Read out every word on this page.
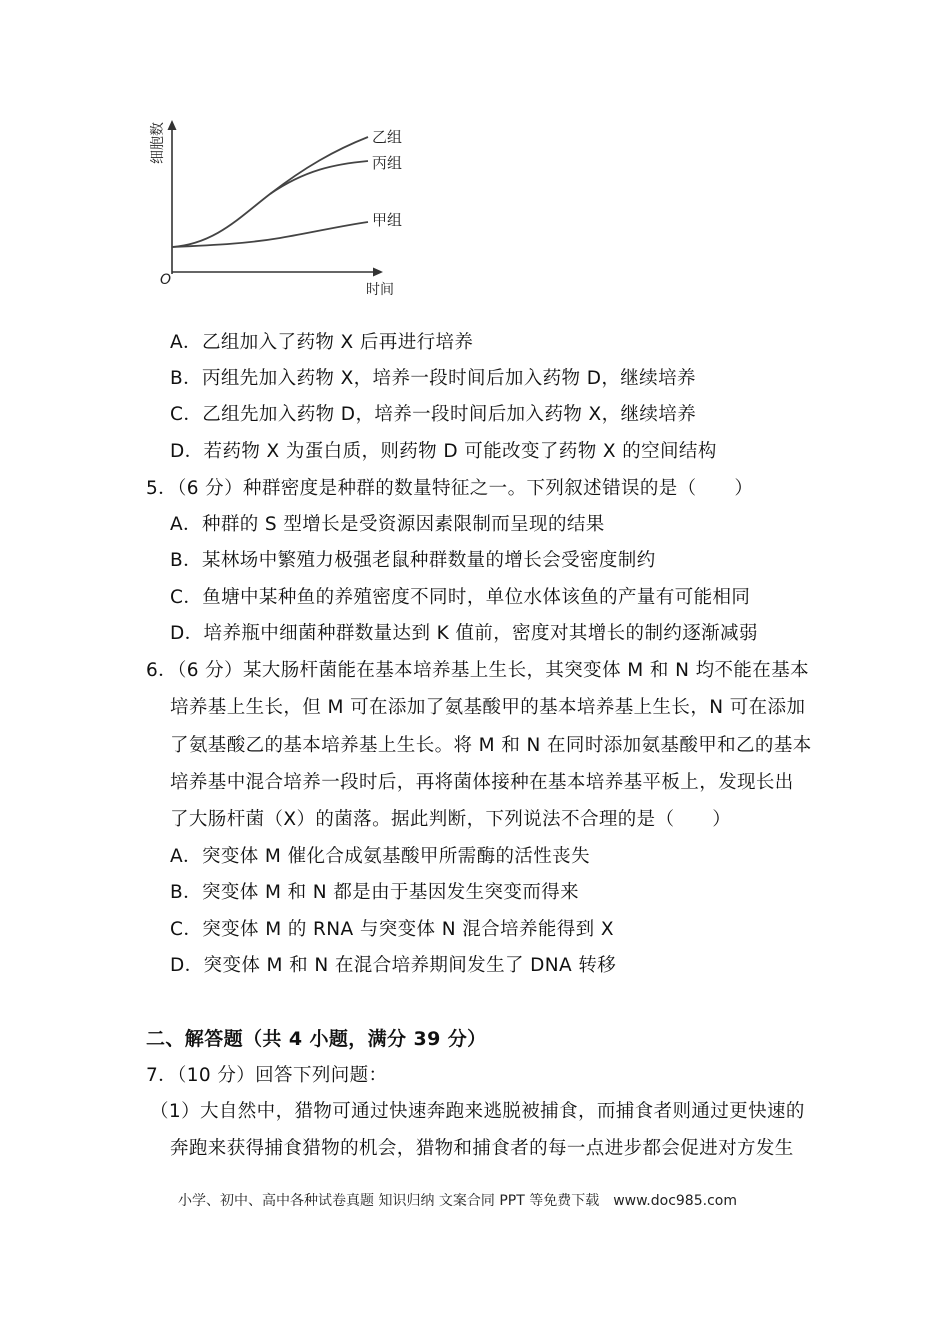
细胞数
时间
O
乙组
丙组
甲组
A．乙组加入了药物 X 后再进行培养
B．丙组先加入药物 X，培养一段时间后加入药物 D，继续培养
C．乙组先加入药物 D，培养一段时间后加入药物 X，继续培养
D．若药物 X 为蛋白质，则药物 D 可能改变了药物 X 的空间结构
5．（6 分）种群密度是种群的数量特征之一。下列叙述错误的是（　　）
A．种群的 S 型增长是受资源因素限制而呈现的结果
B．某林场中繁殖力极强老鼠种群数量的增长会受密度制约
C．鱼塘中某种鱼的养殖密度不同时，单位水体该鱼的产量有可能相同
D．培养瓶中细菌种群数量达到 K 值前，密度对其增长的制约逐渐减弱
6．（6 分）某大肠杆菌能在基本培养基上生长，其突变体 M 和 N 均不能在基本
培养基上生长，但 M 可在添加了氨基酸甲的基本培养基上生长，N 可在添加
了氨基酸乙的基本培养基上生长。将 M 和 N 在同时添加氨基酸甲和乙的基本
培养基中混合培养一段时后，再将菌体接种在基本培养基平板上，发现长出
了大肠杆菌（X）的菌落。据此判断，下列说法不合理的是（　　）
A．突变体 M 催化合成氨基酸甲所需酶的活性丧失
B．突变体 M 和 N 都是由于基因发生突变而得来
C．突变体 M 的 RNA 与突变体 N 混合培养能得到 X
D．突变体 M 和 N 在混合培养期间发生了 DNA 转移
二、解答题（共 4 小题，满分 39 分）
7．（10 分）回答下列问题：
（1）大自然中，猎物可通过快速奔跑来逃脱被捕食，而捕食者则通过更快速的
奔跑来获得捕食猎物的机会，猎物和捕食者的每一点进步都会促进对方发生
小学、初中、高中各种试卷真题 知识归纳 文案合同 PPT 等免费下载　www.doc985.com
